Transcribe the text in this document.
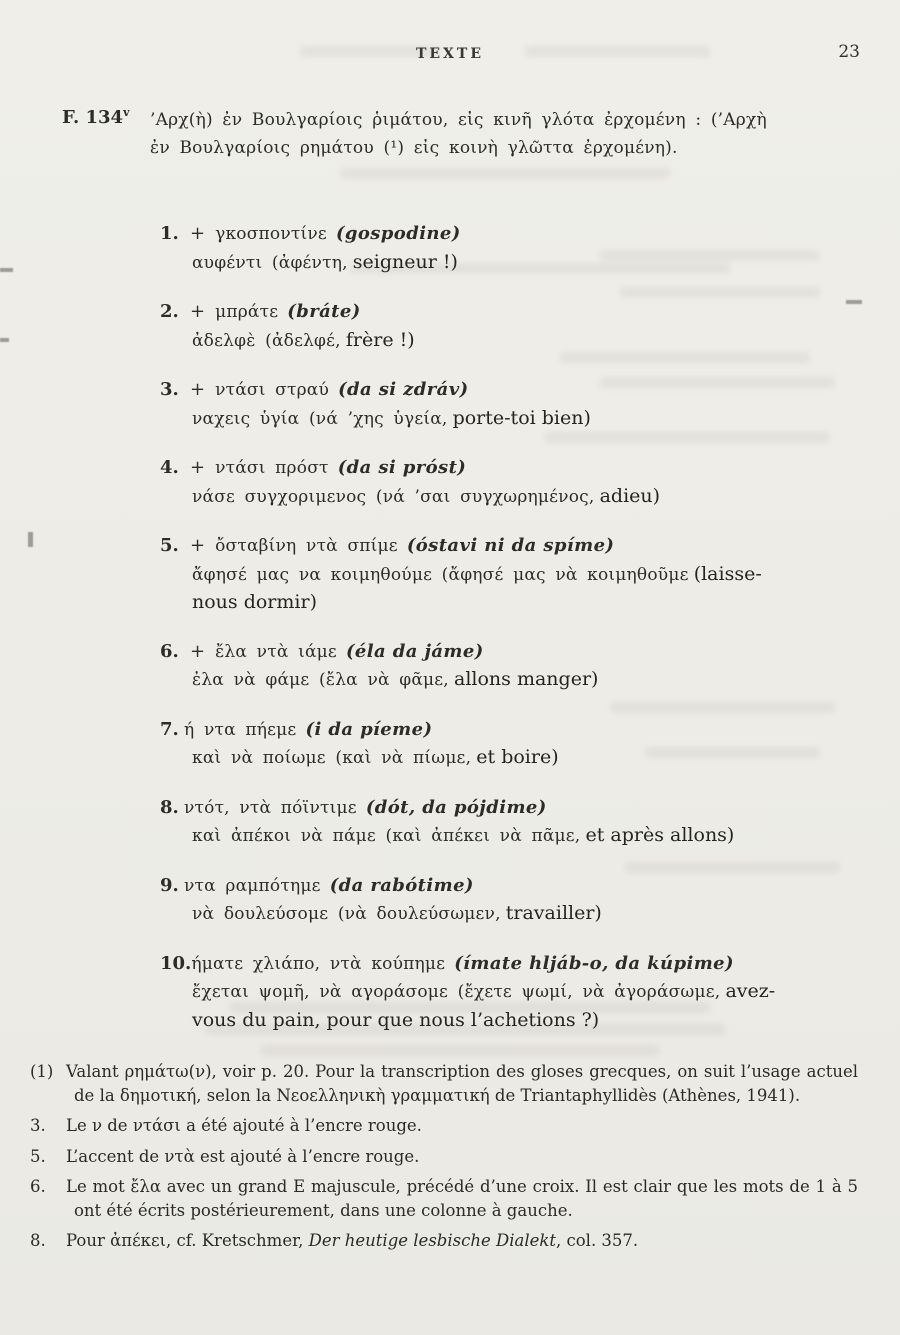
TEXTE	23
F. 134$^v$	’Αρχ(ὴ) ἐν Βουλγαρίοις ῥιμάτου, εἰς κινῆ γλότα ἐρχομένη : (’Αρχὴ
ἐν Βουλγαρίοις ρημάτου (¹) εἰς κοινὴ γλῶττα ἐρχομένη).
1. + γκοσποντίνε (gospodine)
αυφέντι (ἀφέντη, seigneur !)
2. + μπράτε (bráte)
ἀδελφὲ (ἀδελφέ, frère !)
3. + ντάσι στραύ (da si zdráv)
ναχεις ὑγία (νά ’χης ὑγεία, porte-toi bien)
4. + ντάσι πρόστ (da si próst)
νάσε συγχοριμενος (νά ’σαι συγχωρημένος, adieu)
5. + ὄσταβίνη ντὰ σπίμε (óstavi ni da spíme)
ἄφησέ μας να κοιμηθούμε (ἄφησέ μας νὰ κοιμηθοῦμε (laisse-
nous dormir)
6. + ἔλα ντὰ ιάμε (éla da jáme)
ἐλα νὰ φάμε (ἔλα νὰ φᾶμε, allons manger)
7. ή ντα πήεμε (i da píeme)
καὶ νὰ ποίωμε (καὶ νὰ πίωμε, et boire)
8. ντότ, ντὰ πόϊντιμε (dót, da pójdime)
καὶ ἀπέκοι νὰ πάμε (καὶ ἀπέκει νὰ πᾶμε, et après allons)
9. ντα ραμπότημε (da rabótime)
νὰ δουλεύσομε (νὰ δουλεύσωμεν, travailler)
10.ήματε χλιάπο, ντὰ κούπημε (ímate hljáb-o, da kúpime)
ἔχεται ψομῆ, νὰ αγοράσομε (ἔχετε ψωμί, νὰ ἀγοράσωμε, avez-
vous du pain, pour que nous l’achetions ?)
(1) Valant ρημάτω(ν), voir p. 20. Pour la transcription des gloses grecques, on suit l’usage actuel de la δημοτική, selon la Νεοελληνικὴ γραμματική de Triantaphyllidès (Athènes, 1941).
3. Le ν de ντάσι a été ajouté à l’encre rouge.
5. L’accent de ντὰ est ajouté à l’encre rouge.
6. Le mot ἔλα avec un grand E majuscule, précédé d’une croix. Il est clair que les mots de 1 à 5 ont été écrits postérieurement, dans une colonne à gauche.
8. Pour ἀπέκει, cf. Kretschmer, Der heutige lesbische Dialekt, col. 357.
